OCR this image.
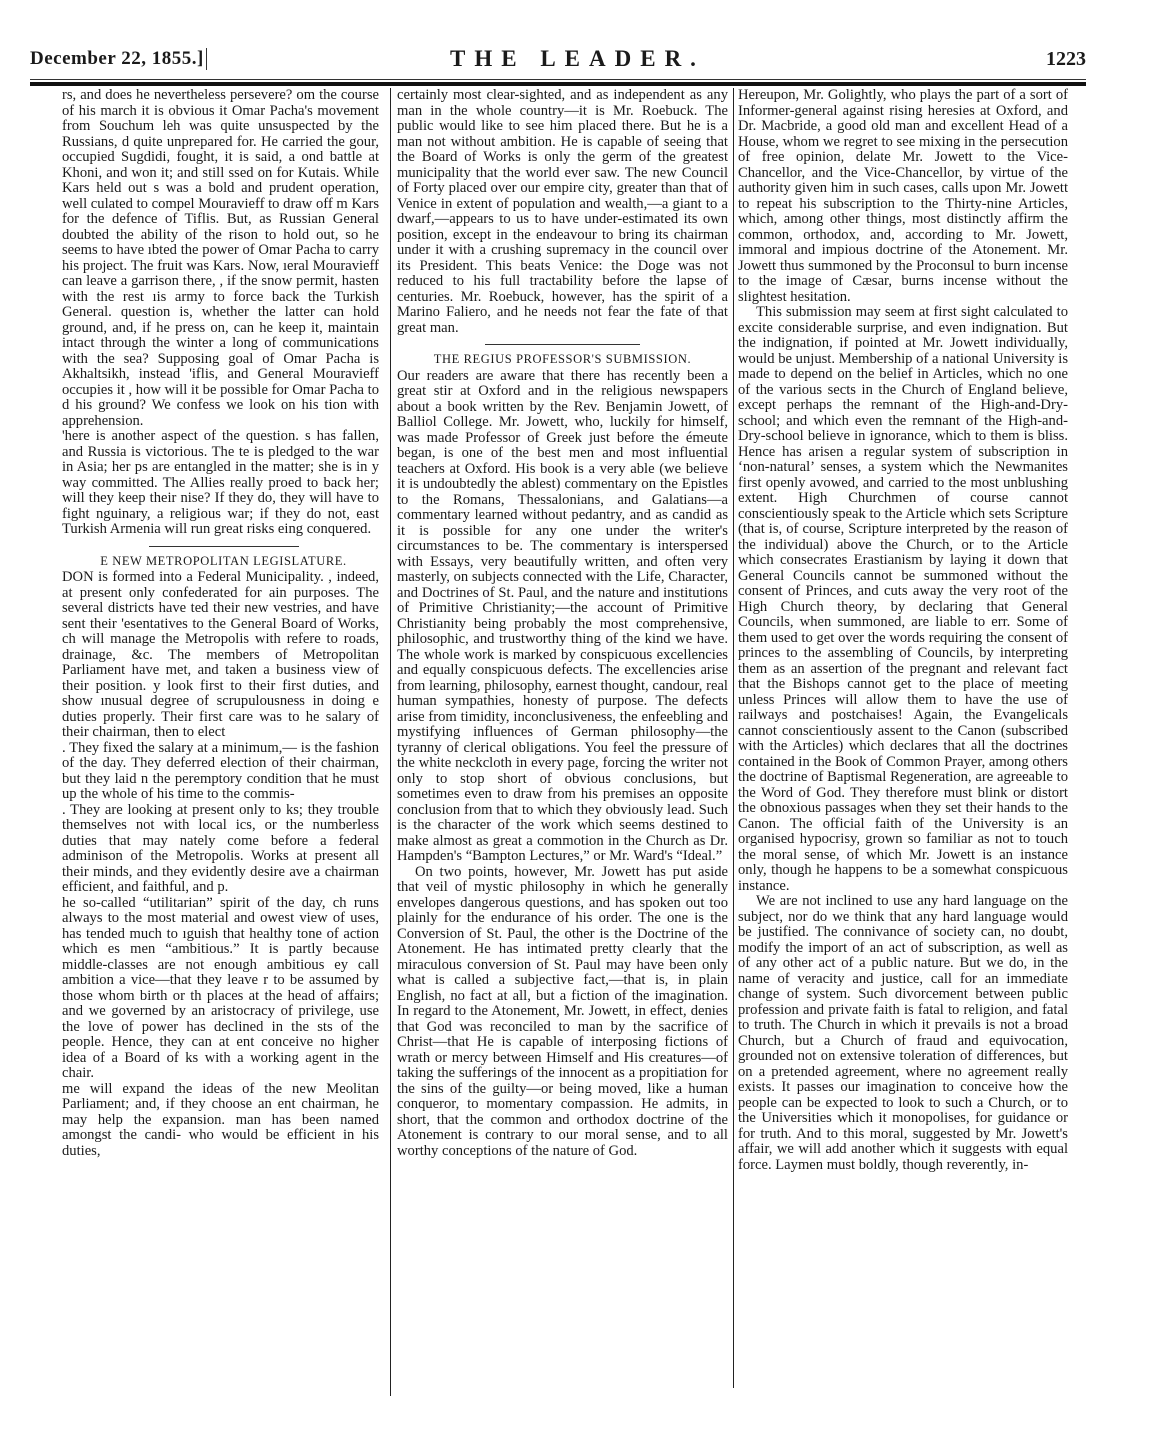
December 22, 1855.]	THE LEADER.	1223

rs, and does he nevertheless persevere? om the course of his march it is obvious it Omar Pacha's movement from Souchum leh was quite unsuspected by the Russians, d quite unprepared for. He carried the gour, occupied Sugdidi, fought, it is said, a ond battle at Khoni, and won it; and still ssed on for Kutais. While Kars held out s was a bold and prudent operation, well culated to compel Mouravieff to draw off m Kars for the defence of Tiflis. But, as Russian General doubted the ability of the rison to hold out, so he seems to have ıbted the power of Omar Pacha to carry his project. The fruit was Kars. Now, ıeral Mouravieff can leave a garrison there, , if the snow permit, hasten with the rest ıis army to force back the Turkish General. question is, whether the latter can hold ground, and, if he press on, can he keep it, maintain intact through the winter a long of communications with the sea? Supposing goal of Omar Pacha is Akhaltsikh, instead 'iflis, and General Mouravieff occupies it , how will it be possible for Omar Pacha to d his ground? We confess we look on his tion with apprehension.

'here is another aspect of the question. s has fallen, and Russia is victorious. The te is pledged to the war in Asia; her ps are entangled in the matter; she is in y way committed. The Allies really proed to back her; will they keep their nise? If they do, they will have to fight nguinary, a religious war; if they do not, east Turkish Armenia will run great risks eing conquered.

E NEW METROPOLITAN LEGISLATURE.

DON is formed into a Federal Municipality. , indeed, at present only confederated for ain purposes. The several districts have ted their new vestries, and have sent their 'esentatives to the General Board of Works, ch will manage the Metropolis with refere to roads, drainage, &c. The members of Metropolitan Parliament have met, and taken a business view of their position. y look first to their first duties, and show ınusual degree of scrupulousness in doing e duties properly. Their first care was to he salary of their chairman, then to elect

. They fixed the salary at a minimum,— is the fashion of the day. They deferred election of their chairman, but they laid n the peremptory condition that he must up the whole of his time to the commis-

. They are looking at present only to ks; they trouble themselves not with local ics, or the numberless duties that may nately come before a federal adminison of the Metropolis. Works at present all their minds, and they evidently desire ave a chairman efficient, and faithful, and p.

he so-called “utilitarian” spirit of the day, ch runs always to the most material and owest view of uses, has tended much to ıguish that healthy tone of action which es men “ambitious.” It is partly because middle-classes are not enough ambitious ey call ambition a vice—that they leave r to be assumed by those whom birth or th places at the head of affairs; and we governed by an aristocracy of privilege, use the love of power has declined in the sts of the people. Hence, they can at ent conceive no higher idea of a Board of ks with a working agent in the chair.

me will expand the ideas of the new Meolitan Parliament; and, if they choose an ent chairman, he may help the expansion. man has been named amongst the candi- who would be efficient in his duties,

certainly most clear-sighted, and as independent as any man in the whole country—it is Mr. Roebuck. The public would like to see him placed there. But he is a man not without ambition. He is capable of seeing that the Board of Works is only the germ of the greatest municipality that the world ever saw. The new Council of Forty placed over our empire city, greater than that of Venice in extent of population and wealth,—a giant to a dwarf,—appears to us to have under-estimated its own position, except in the endeavour to bring its chairman under it with a crushing supremacy in the council over its President. This beats Venice: the Doge was not reduced to his full tractability before the lapse of centuries. Mr. Roebuck, however, has the spirit of a Marino Faliero, and he needs not fear the fate of that great man.

THE REGIUS PROFESSOR'S SUBMISSION.

Our readers are aware that there has recently been a great stir at Oxford and in the religious newspapers about a book written by the Rev. Benjamin Jowett, of Balliol College. Mr. Jowett, who, luckily for himself, was made Professor of Greek just before the émeute began, is one of the best men and most influential teachers at Oxford. His book is a very able (we believe it is undoubtedly the ablest) commentary on the Epistles to the Romans, Thessalonians, and Galatians—a commentary learned without pedantry, and as candid as it is possible for any one under the writer's circumstances to be. The commentary is interspersed with Essays, very beautifully written, and often very masterly, on subjects connected with the Life, Character, and Doctrines of St. Paul, and the nature and institutions of Primitive Christianity;—the account of Primitive Christianity being probably the most comprehensive, philosophic, and trustworthy thing of the kind we have. The whole work is marked by conspicuous excellencies and equally conspicuous defects. The excellencies arise from learning, philosophy, earnest thought, candour, real human sympathies, honesty of purpose. The defects arise from timidity, inconclusiveness, the enfeebling and mystifying influences of German philosophy—the tyranny of clerical obligations. You feel the pressure of the white neckcloth in every page, forcing the writer not only to stop short of obvious conclusions, but sometimes even to draw from his premises an opposite conclusion from that to which they obviously lead. Such is the character of the work which seems destined to make almost as great a commotion in the Church as Dr. Hampden's “Bampton Lectures,” or Mr. Ward's “Ideal.”

On two points, however, Mr. Jowett has put aside that veil of mystic philosophy in which he generally envelopes dangerous questions, and has spoken out too plainly for the endurance of his order. The one is the Conversion of St. Paul, the other is the Doctrine of the Atonement. He has intimated pretty clearly that the miraculous conversion of St. Paul may have been only what is called a subjective fact,—that is, in plain English, no fact at all, but a fiction of the imagination. In regard to the Atonement, Mr. Jowett, in effect, denies that God was reconciled to man by the sacrifice of Christ—that He is capable of interposing fictions of wrath or mercy between Himself and His creatures—of taking the sufferings of the innocent as a propitiation for the sins of the guilty—or being moved, like a human conqueror, to momentary compassion. He admits, in short, that the common and orthodox doctrine of the Atonement is contrary to our moral sense, and to all worthy conceptions of the nature of God.

Hereupon, Mr. Golightly, who plays the part of a sort of Informer-general against rising heresies at Oxford, and Dr. Macbride, a good old man and excellent Head of a House, whom we regret to see mixing in the persecution of free opinion, delate Mr. Jowett to the Vice-Chancellor, and the Vice-Chancellor, by virtue of the authority given him in such cases, calls upon Mr. Jowett to repeat his subscription to the Thirty-nine Articles, which, among other things, most distinctly affirm the common, orthodox, and, according to Mr. Jowett, immoral and impious doctrine of the Atonement. Mr. Jowett thus summoned by the Proconsul to burn incense to the image of Cæsar, burns incense without the slightest hesitation.

This submission may seem at first sight calculated to excite considerable surprise, and even indignation. But the indignation, if pointed at Mr. Jowett individually, would be unjust. Membership of a national University is made to depend on the belief in Articles, which no one of the various sects in the Church of England believe, except perhaps the remnant of the High-and-Dry-school; and which even the remnant of the High-and-Dry-school believe in ignorance, which to them is bliss. Hence has arisen a regular system of subscription in ‘non-natural’ senses, a system which the Newmanites first openly avowed, and carried to the most unblushing extent. High Churchmen of course cannot conscientiously speak to the Article which sets Scripture (that is, of course, Scripture interpreted by the reason of the individual) above the Church, or to the Article which consecrates Erastianism by laying it down that General Councils cannot be summoned without the consent of Princes, and cuts away the very root of the High Church theory, by declaring that General Councils, when summoned, are liable to err. Some of them used to get over the words requiring the consent of princes to the assembling of Councils, by interpreting them as an assertion of the pregnant and relevant fact that the Bishops cannot get to the place of meeting unless Princes will allow them to have the use of railways and postchaises! Again, the Evangelicals cannot conscientiously assent to the Canon (subscribed with the Articles) which declares that all the doctrines contained in the Book of Common Prayer, among others the doctrine of Baptismal Regeneration, are agreeable to the Word of God. They therefore must blink or distort the obnoxious passages when they set their hands to the Canon. The official faith of the University is an organised hypocrisy, grown so familiar as not to touch the moral sense, of which Mr. Jowett is an instance only, though he happens to be a somewhat conspicuous instance.

We are not inclined to use any hard language on the subject, nor do we think that any hard language would be justified. The connivance of society can, no doubt, modify the import of an act of subscription, as well as of any other act of a public nature. But we do, in the name of veracity and justice, call for an immediate change of system. Such divorcement between public profession and private faith is fatal to religion, and fatal to truth. The Church in which it prevails is not a broad Church, but a Church of fraud and equivocation, grounded not on extensive toleration of differences, but on a pretended agreement, where no agreement really exists. It passes our imagination to conceive how the people can be expected to look to such a Church, or to the Universities which it monopolises, for guidance or for truth. And to this moral, suggested by Mr. Jowett's affair, we will add another which it suggests with equal force. Laymen must boldly, though reverently, in-
